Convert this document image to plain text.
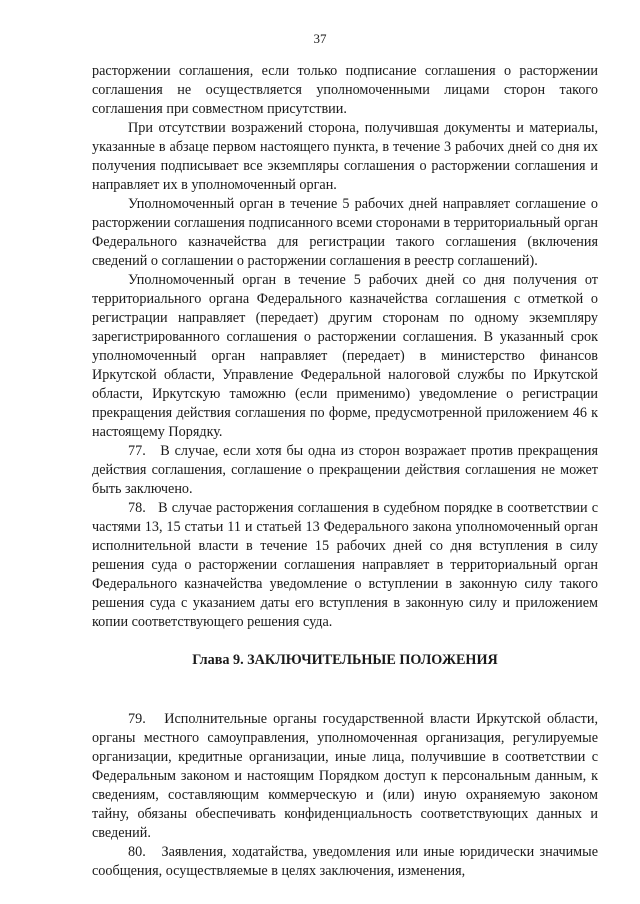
37

расторжении соглашения, если только подписание соглашения о расторжении соглашения не осуществляется уполномоченными лицами сторон такого соглашения при совместном присутствии.

При отсутствии возражений сторона, получившая документы и материалы, указанные в абзаце первом настоящего пункта, в течение 3 рабочих дней со дня их получения подписывает все экземпляры соглашения о расторжении соглашения и направляет их в уполномоченный орган.

Уполномоченный орган в течение 5 рабочих дней направляет соглашение о расторжении соглашения подписанного всеми сторонами в территориальный орган Федерального казначейства для регистрации такого соглашения (включения сведений о соглашении о расторжении соглашения в реестр соглашений).

Уполномоченный орган в течение 5 рабочих дней со дня получения от территориального органа Федерального казначейства соглашения с отметкой о регистрации направляет (передает) другим сторонам по одному экземпляру зарегистрированного соглашения о расторжении соглашения. В указанный срок уполномоченный орган направляет (передает) в министерство финансов Иркутской области, Управление Федеральной налоговой службы по Иркутской области, Иркутскую таможню (если применимо) уведомление о регистрации прекращения действия соглашения по форме, предусмотренной приложением 46 к настоящему Порядку.

77.   В случае, если хотя бы одна из сторон возражает против прекращения действия соглашения, соглашение о прекращении действия соглашения не может быть заключено.

78.   В случае расторжения соглашения в судебном порядке в соответствии с частями 13, 15 статьи 11 и статьей 13 Федерального закона уполномоченный орган исполнительной власти в течение 15 рабочих дней со дня вступления в силу решения суда о расторжении соглашения направляет в территориальный орган Федерального казначейства уведомление о вступлении в законную силу такого решения суда с указанием даты его вступления в законную силу и приложением копии соответствующего решения суда.

Глава 9. ЗАКЛЮЧИТЕЛЬНЫЕ ПОЛОЖЕНИЯ

79.   Исполнительные органы государственной власти Иркутской области, органы местного самоуправления, уполномоченная организация, регулируемые организации, кредитные организации, иные лица, получившие в соответствии с Федеральным законом и настоящим Порядком доступ к персональным данным, к сведениям, составляющим коммерческую и (или) иную охраняемую законом тайну, обязаны обеспечивать конфиденциальность соответствующих данных и сведений.

80.   Заявления, ходатайства, уведомления или иные юридически значимые сообщения, осуществляемые в целях заключения, изменения,
